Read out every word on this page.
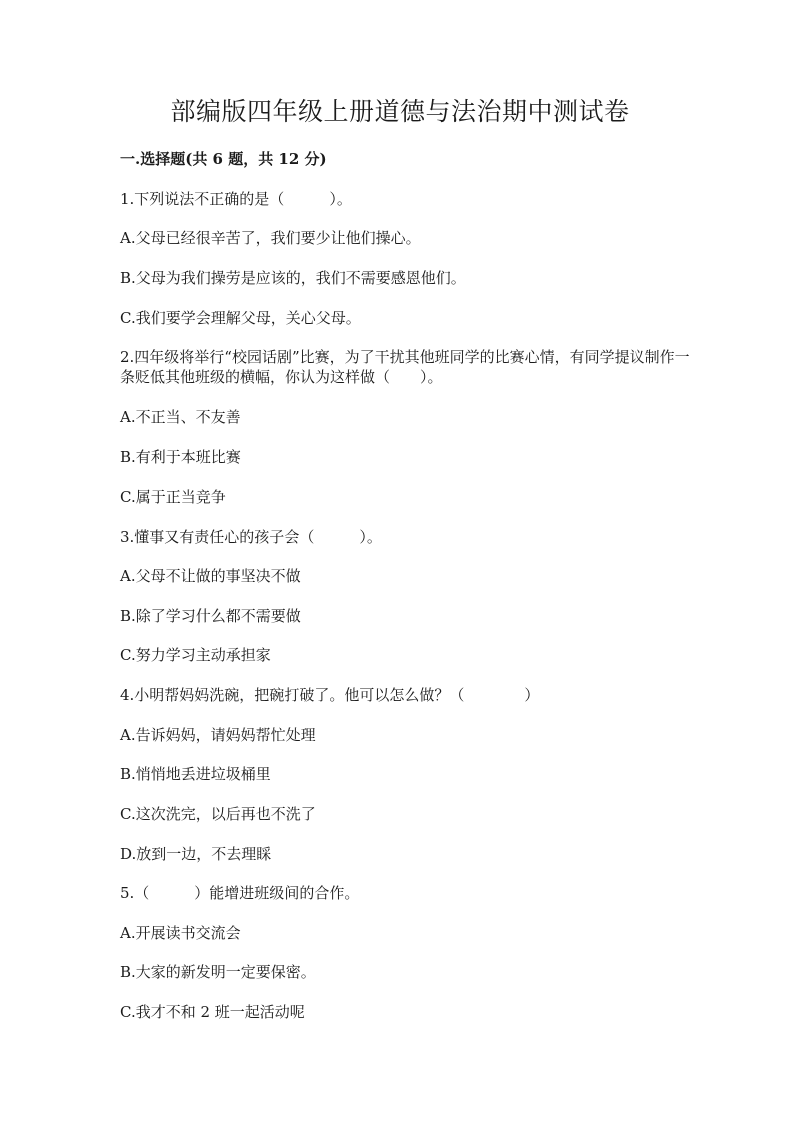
部编版四年级上册道德与法治期中测试卷
一.选择题(共 6 题，共 12 分)

1.下列说法不正确的是（　　　）。

A.父母已经很辛苦了，我们要少让他们操心。

B.父母为我们操劳是应该的，我们不需要感恩他们。

C.我们要学会理解父母，关心父母。

2.四年级将举行“校园话剧”比赛，为了干扰其他班同学的比赛心情，有同学提议制作一条贬低其他班级的横幅，你认为这样做（　　）。

A.不正当、不友善

B.有利于本班比赛

C.属于正当竞争

3.懂事又有责任心的孩子会（　　　）。

A.父母不让做的事坚决不做

B.除了学习什么都不需要做

C.努力学习主动承担家

4.小明帮妈妈洗碗，把碗打破了。他可以怎么做？（　　　　）

A.告诉妈妈，请妈妈帮忙处理

B.悄悄地丢进垃圾桶里

C.这次洗完，以后再也不洗了

D.放到一边，不去理睬

5.（　　　）能增进班级间的合作。

A.开展读书交流会

B.大家的新发明一定要保密。

C.我才不和 2 班一起活动呢
